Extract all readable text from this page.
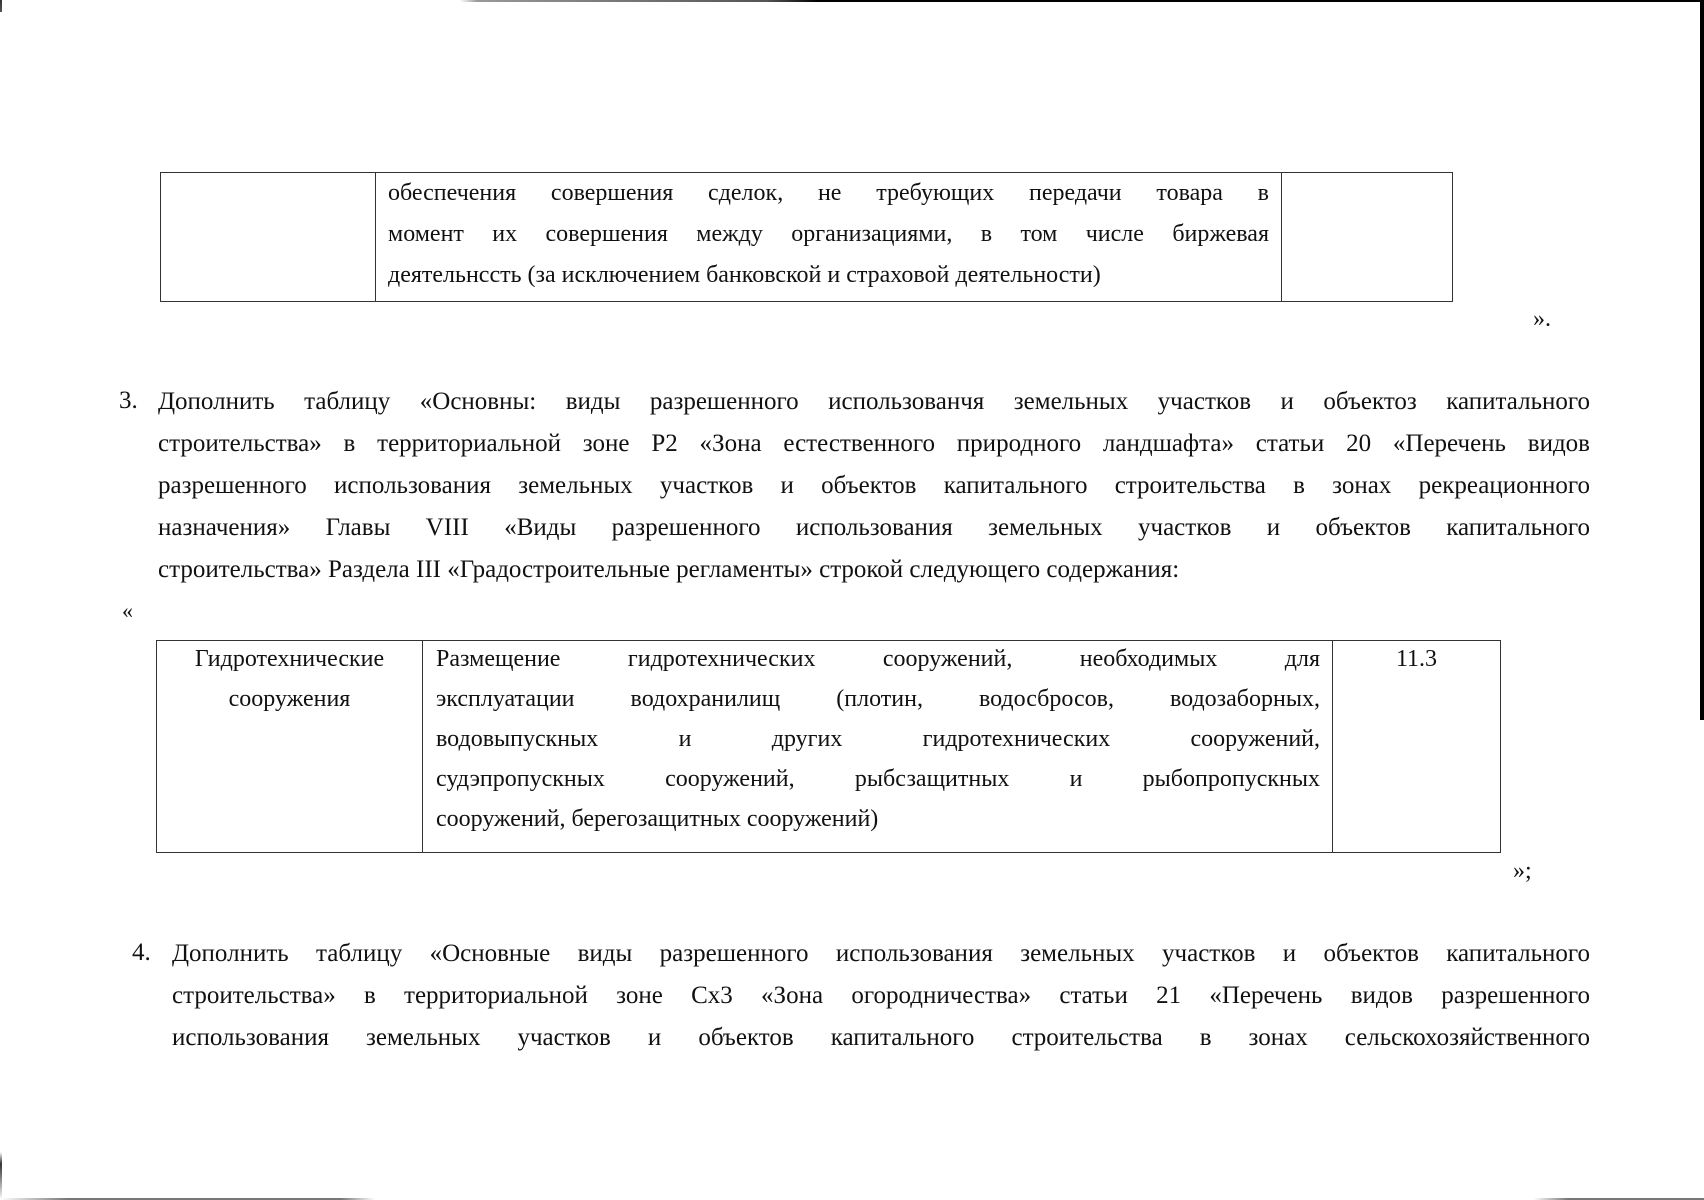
обеспечения совершения сделок, не требующих передачи товара в
момент их совершения между организациями, в том числе биржевая
деятельнсcть (за исключением банковской и страховой деятельности)
».
3. Дополнить таблицу «Основны: виды разрешенного использованчя земельных участков и объектоз капитального
строительства» в территориальной зоне Р2 «Зона естественного природного ландшафта» статьи 20 «Перечень видов
разрешенного использования земельных участков и объектов капитального строительства в зонах рекреационного
назначения» Главы VIII «Виды разрешенного использования земельных участков и объектов капитального
строительства» Раздела III «Градостроительные регламенты» строкой следующего содержания:
«
Гидротехнические
сооружения
Размещение гидротехнических сооружений, необходимых для
эксплуатации водохранилищ (плотин, водосбросов, водозаборных,
водовыпускных и других гидротехнических сооружений,
судэпропускных сооружений, рыбсзащитных и рыбопропускных
сооружений, берегозащитных сооружений)
11.3
»;
4. Дополнить таблицу «Основные виды разрешенного использования земельных участков и объектов капитального
строительства» в территориальной зоне Сх3 «Зона огородничества» статьи 21 «Перечень видов разрешенного
использования земельных участков и объектов капитального строительства в зонах сельскохозяйственного
